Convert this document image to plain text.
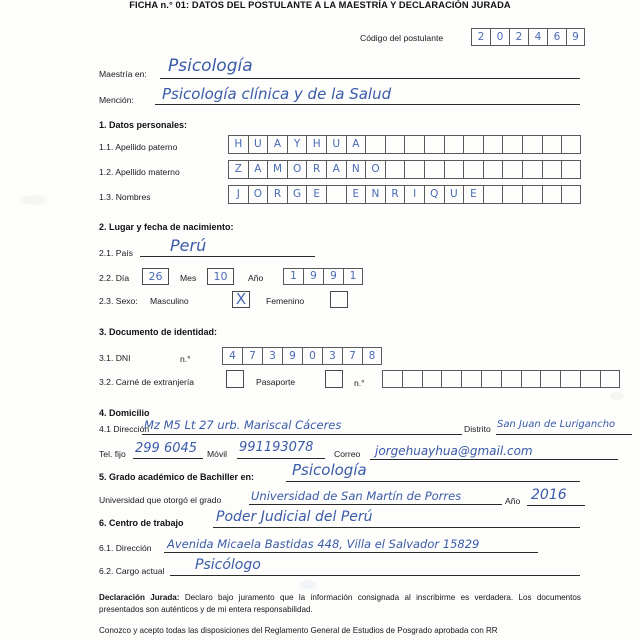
FICHA n.° 01: DATOS DEL POSTULANTE A LA MAESTRÍA Y DECLARACIÓN JURADA
Código del postulante	2 0 2 4 6 9
Maestría en: Psicología
Mención: Psicología clínica y de la Salud
1. Datos personales:
1.1. Apellido paterno	H U A Y H U A
1.2. Apellido materno	Z A M O R A N O
1.3. Nombres	J O R G E	E N R I Q U E
2. Lugar y fecha de nacimiento:
2.1. País Perú
2.2. Día 26 Mes 10 Año	1 9 9 1
2.3. Sexo: Masculino	X Femenino
3. Documento de identidad:
3.1. DNI	n.°	4 7 3 9 0 3 7 8
3.2. Carné de extranjería	Pasaporte	n.°
4. Domicilio
4.1 Dirección
Mz M5 Lt 27 urb. Mariscal Cáceres	Distrito San Juan de Lurigancho
Tel. fijo 299 6045 Móvil 991193078 Correo jorgehuayhua@gmail.com
5. Grado académico de Bachiller en:	Psicología
Universidad que otorgó el grado	Universidad de San Martín de Porres	Año 2016
6. Centro de trabajo Poder Judicial del Perú
6.1. Dirección Avenida Micaela Bastidas 448, Villa el Salvador 15829
6.2. Cargo actual Psicólogo
Declaración Jurada: Declaro bajo juramento que la información consignada al inscribirme es verdadera. Los documentos presentados son auténticos y de mi entera responsabilidad.
Conozco y acepto todas las disposiciones del Reglamento General de Estudios de Posgrado aprobada con RR
